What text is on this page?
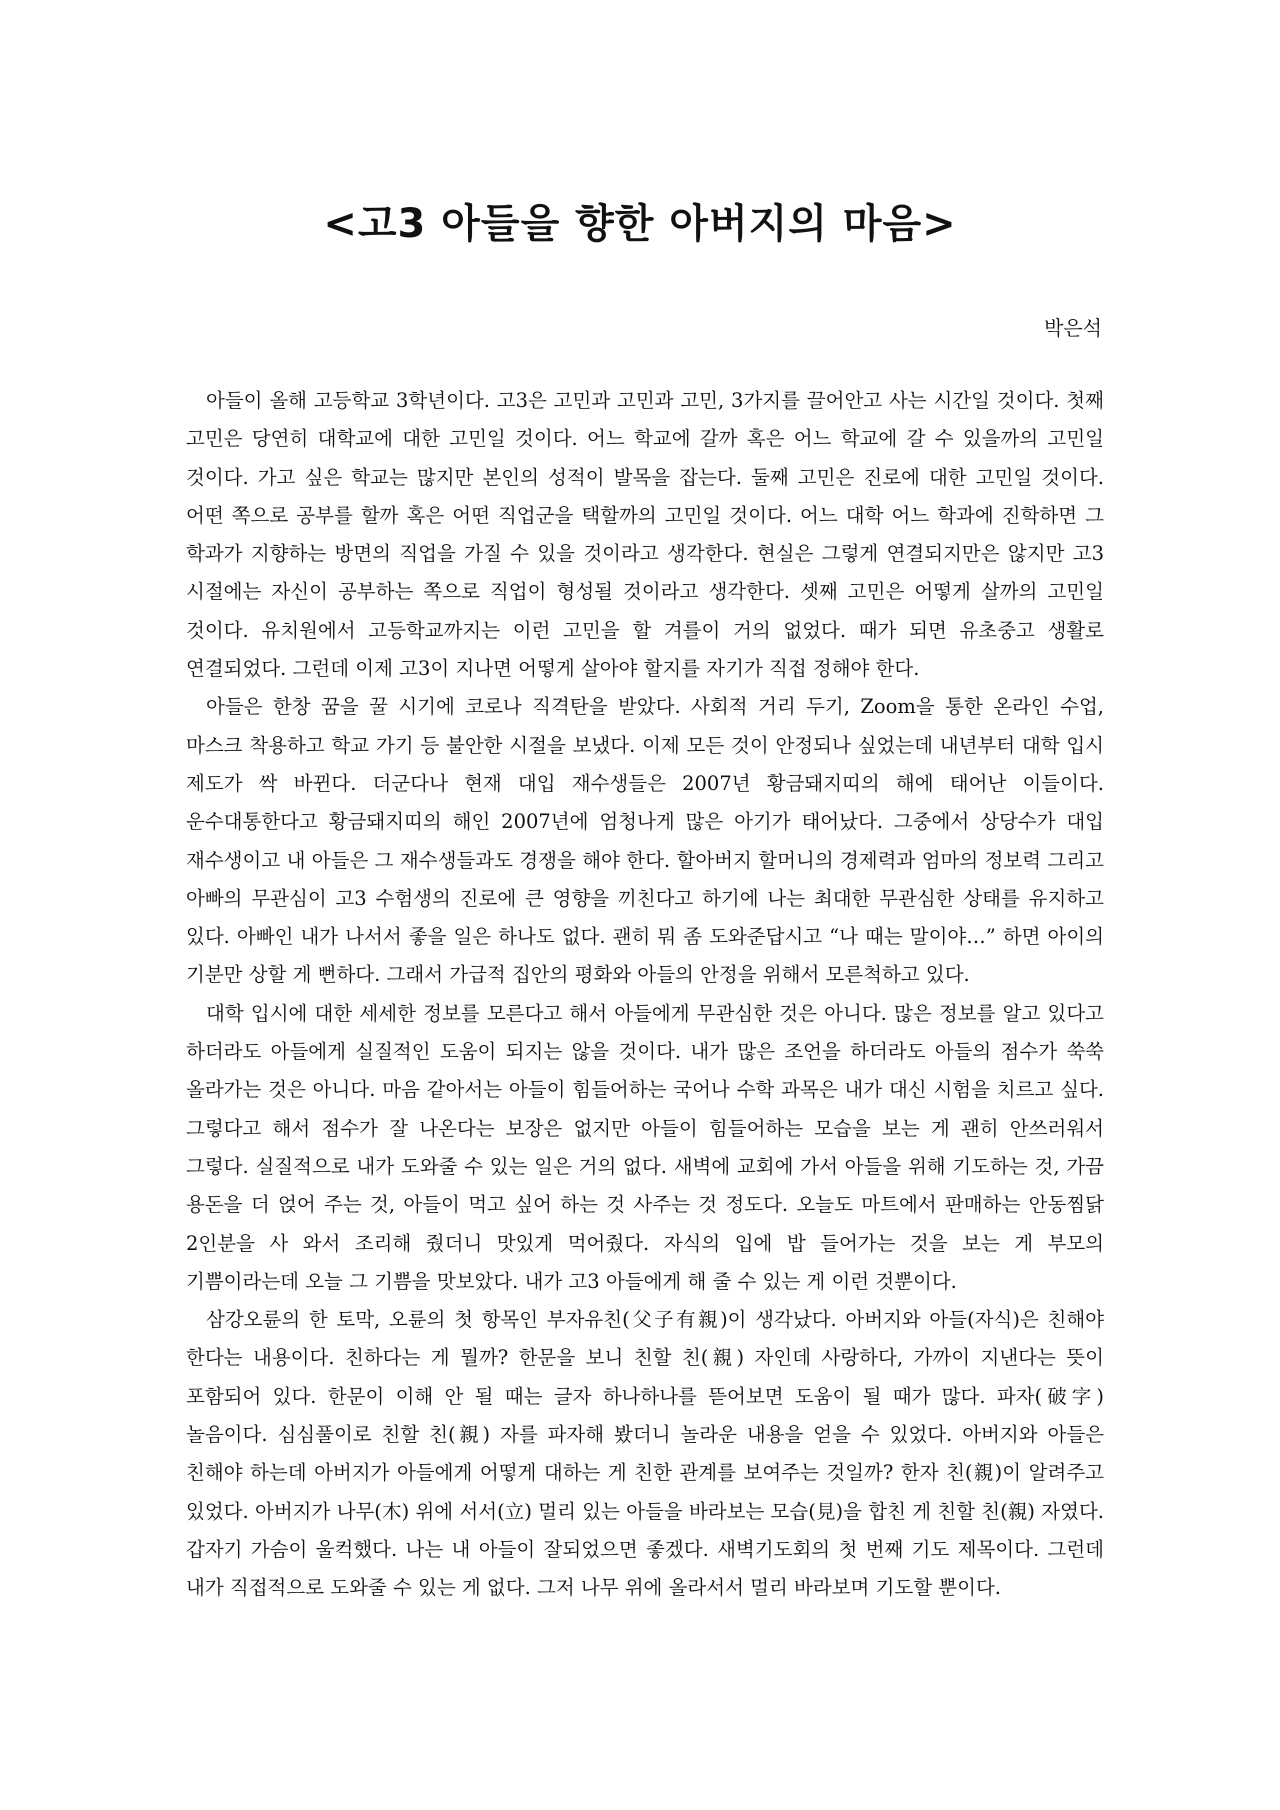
<고3 아들을 향한 아버지의 마음>

박은석

아들이 올해 고등학교 3학년이다. 고3은 고민과 고민과 고민, 3가지를 끌어안고 사는 시간일 것이다. 첫째 고민은 당연히 대학교에 대한 고민일 것이다. 어느 학교에 갈까 혹은 어느 학교에 갈 수 있을까의 고민일 것이다. 가고 싶은 학교는 많지만 본인의 성적이 발목을 잡는다. 둘째 고민은 진로에 대한 고민일 것이다. 어떤 쪽으로 공부를 할까 혹은 어떤 직업군을 택할까의 고민일 것이다. 어느 대학 어느 학과에 진학하면 그 학과가 지향하는 방면의 직업을 가질 수 있을 것이라고 생각한다. 현실은 그렇게 연결되지만은 않지만 고3 시절에는 자신이 공부하는 쪽으로 직업이 형성될 것이라고 생각한다. 셋째 고민은 어떻게 살까의 고민일 것이다. 유치원에서 고등학교까지는 이런 고민을 할 겨를이 거의 없었다. 때가 되면 유초중고 생활로 연결되었다. 그런데 이제 고3이 지나면 어떻게 살아야 할지를 자기가 직접 정해야 한다.

아들은 한창 꿈을 꿀 시기에 코로나 직격탄을 받았다. 사회적 거리 두기, Zoom을 통한 온라인 수업, 마스크 착용하고 학교 가기 등 불안한 시절을 보냈다. 이제 모든 것이 안정되나 싶었는데 내년부터 대학 입시 제도가 싹 바뀐다. 더군다나 현재 대입 재수생들은 2007년 황금돼지띠의 해에 태어난 이들이다. 운수대통한다고 황금돼지띠의 해인 2007년에 엄청나게 많은 아기가 태어났다. 그중에서 상당수가 대입 재수생이고 내 아들은 그 재수생들과도 경쟁을 해야 한다. 할아버지 할머니의 경제력과 엄마의 정보력 그리고 아빠의 무관심이 고3 수험생의 진로에 큰 영향을 끼친다고 하기에 나는 최대한 무관심한 상태를 유지하고 있다. 아빠인 내가 나서서 좋을 일은 하나도 없다. 괜히 뭐 좀 도와준답시고 “나 때는 말이야…” 하면 아이의 기분만 상할 게 뻔하다. 그래서 가급적 집안의 평화와 아들의 안정을 위해서 모른척하고 있다.

대학 입시에 대한 세세한 정보를 모른다고 해서 아들에게 무관심한 것은 아니다. 많은 정보를 알고 있다고 하더라도 아들에게 실질적인 도움이 되지는 않을 것이다. 내가 많은 조언을 하더라도 아들의 점수가 쑥쑥 올라가는 것은 아니다. 마음 같아서는 아들이 힘들어하는 국어나 수학 과목은 내가 대신 시험을 치르고 싶다. 그렇다고 해서 점수가 잘 나온다는 보장은 없지만 아들이 힘들어하는 모습을 보는 게 괜히 안쓰러워서 그렇다. 실질적으로 내가 도와줄 수 있는 일은 거의 없다. 새벽에 교회에 가서 아들을 위해 기도하는 것, 가끔 용돈을 더 얹어 주는 것, 아들이 먹고 싶어 하는 것 사주는 것 정도다. 오늘도 마트에서 판매하는 안동찜닭 2인분을 사 와서 조리해 줬더니 맛있게 먹어줬다. 자식의 입에 밥 들어가는 것을 보는 게 부모의 기쁨이라는데 오늘 그 기쁨을 맛보았다. 내가 고3 아들에게 해 줄 수 있는 게 이런 것뿐이다.

삼강오륜의 한 토막, 오륜의 첫 항목인 부자유친(父子有親)이 생각났다. 아버지와 아들(자식)은 친해야 한다는 내용이다. 친하다는 게 뭘까? 한문을 보니 친할 친(親) 자인데 사랑하다, 가까이 지낸다는 뜻이 포함되어 있다. 한문이 이해 안 될 때는 글자 하나하나를 뜯어보면 도움이 될 때가 많다. 파자(破字) 놀음이다. 심심풀이로 친할 친(親) 자를 파자해 봤더니 놀라운 내용을 얻을 수 있었다. 아버지와 아들은 친해야 하는데 아버지가 아들에게 어떻게 대하는 게 친한 관계를 보여주는 것일까? 한자 친(親)이 알려주고 있었다. 아버지가 나무(木) 위에 서서(立) 멀리 있는 아들을 바라보는 모습(見)을 합친 게 친할 친(親) 자였다. 갑자기 가슴이 울컥했다. 나는 내 아들이 잘되었으면 좋겠다. 새벽기도회의 첫 번째 기도 제목이다. 그런데 내가 직접적으로 도와줄 수 있는 게 없다. 그저 나무 위에 올라서서 멀리 바라보며 기도할 뿐이다.
